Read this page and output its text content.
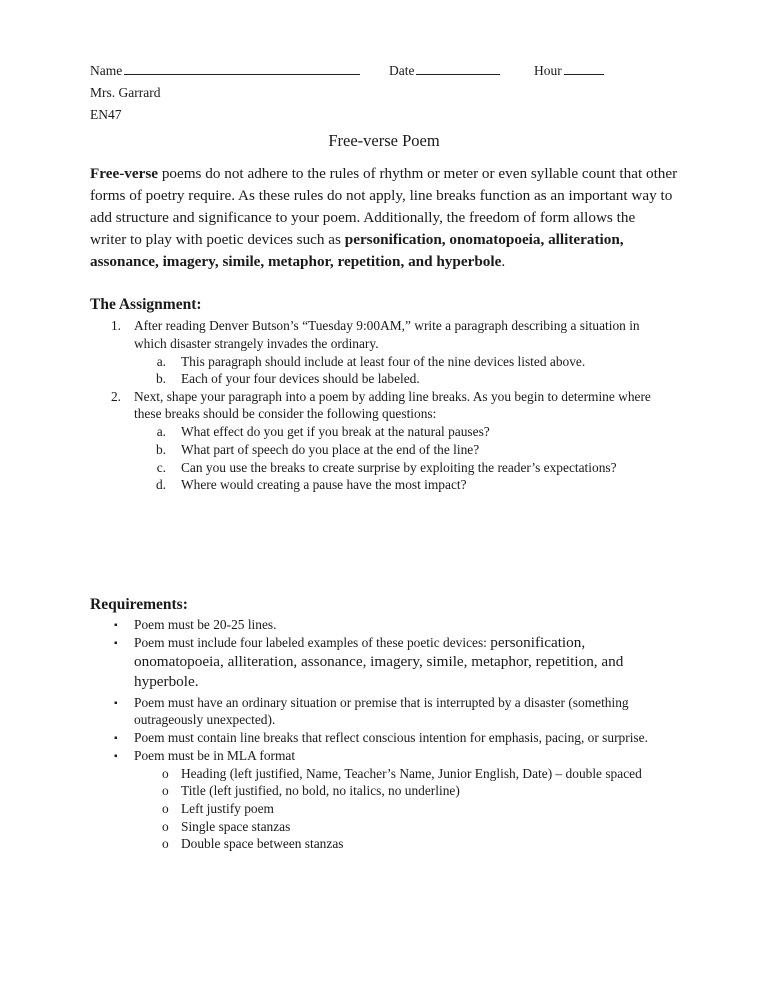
Name	Date	Hour
Mrs. Garrard
EN47
Free-verse Poem
Free-verse poems do not adhere to the rules of rhythm or meter or even syllable count that other
forms of poetry require. As these rules do not apply, line breaks function as an important way to
add structure and significance to your poem. Additionally, the freedom of form allows the
writer to play with poetic devices such as personification, onomatopoeia, alliteration,
assonance, imagery, simile, metaphor, repetition, and hyperbole.
The Assignment:
1. After reading Denver Butson’s “Tuesday 9:00AM,” write a paragraph describing a situation in
which disaster strangely invades the ordinary.
a. This paragraph should include at least four of the nine devices listed above.
b. Each of your four devices should be labeled.
2. Next, shape your paragraph into a poem by adding line breaks. As you begin to determine where
these breaks should be consider the following questions:
a. What effect do you get if you break at the natural pauses?
b. What part of speech do you place at the end of the line?
c. Can you use the breaks to create surprise by exploiting the reader’s expectations?
d. Where would creating a pause have the most impact?
Requirements:
▪ Poem must be 20-25 lines.
▪ Poem must include four labeled examples of these poetic devices: personification,
onomatopoeia, alliteration, assonance, imagery, simile, metaphor, repetition, and
hyperbole.
▪ Poem must have an ordinary situation or premise that is interrupted by a disaster (something
outrageously unexpected).
▪ Poem must contain line breaks that reflect conscious intention for emphasis, pacing, or surprise.
▪ Poem must be in MLA format
o Heading (left justified, Name, Teacher’s Name, Junior English, Date) – double spaced
o Title (left justified, no bold, no italics, no underline)
o Left justify poem
o Single space stanzas
o Double space between stanzas
